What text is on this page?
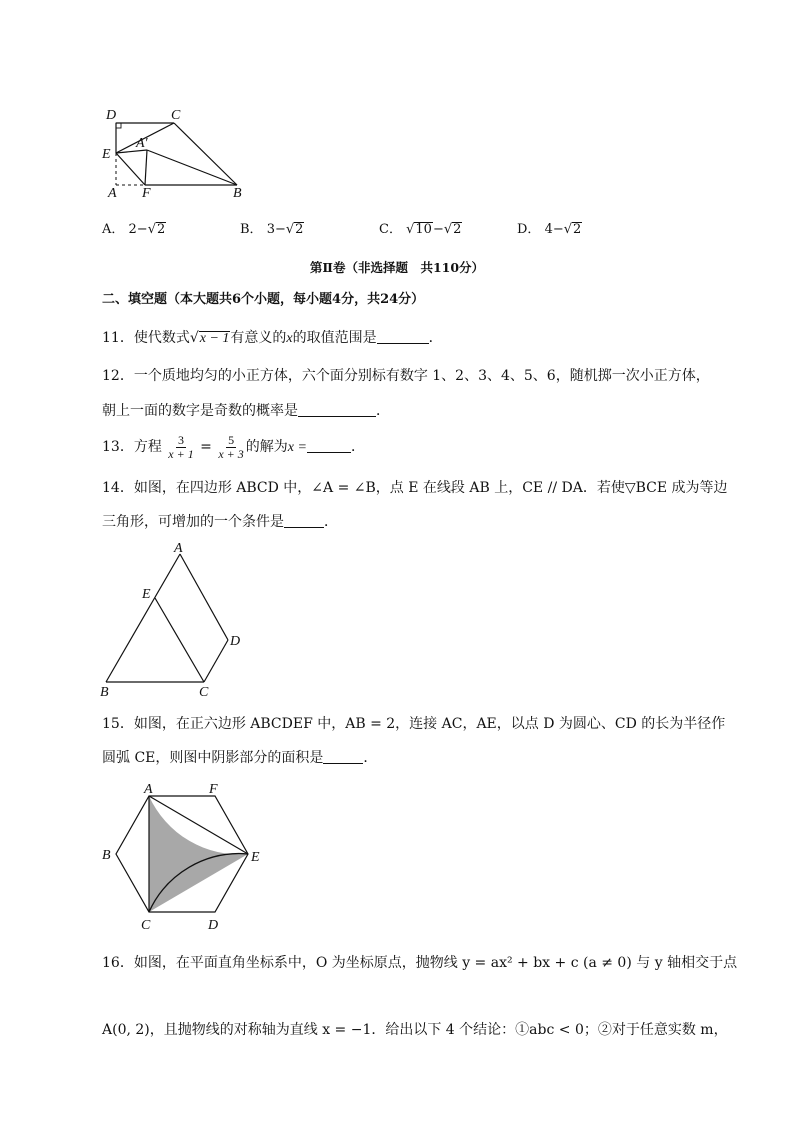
D	C
A′
E
A F	B
A． 2−√2	B． 3−√2	C． √10−√2	D． 4−√2
第Ⅱ卷（非选择题　共110分）
二、填空题（本大题共6个小题，每小题4分，共24分）
11．使代数式√x − 1有意义的x的取值范围是	．
12．一个质地均匀的小正方体，六个面分别标有数字 1、2、3、4、5、6，随机掷一次小正方体，
朝上一面的数字是奇数的概率是	．
13．方程 $\frac{3}{x + 1} = \frac{5}{x + 3}$ 的解为x =	．
14．如图，在四边形 ABCD 中，∠A = ∠B，点 E 在线段 AB 上，CE // DA．若使▽BCE 成为等边
三角形，可增加的一个条件是	．
A
E
D
B	C
15．如图，在正六边形 ABCDEF 中，AB = 2，连接 AC，AE，以点 D 为圆心、CD 的长为半径作
圆弧 CE，则图中阴影部分的面积是	．
A	F
B	E
C	D
16．如图，在平面直角坐标系中，O 为坐标原点，抛物线 y = ax² + bx + c (a ≠ 0) 与 y 轴相交于点
A(0, 2)，且抛物线的对称轴为直线 x = −1．给出以下 4 个结论：①abc < 0；②对于任意实数 m，
